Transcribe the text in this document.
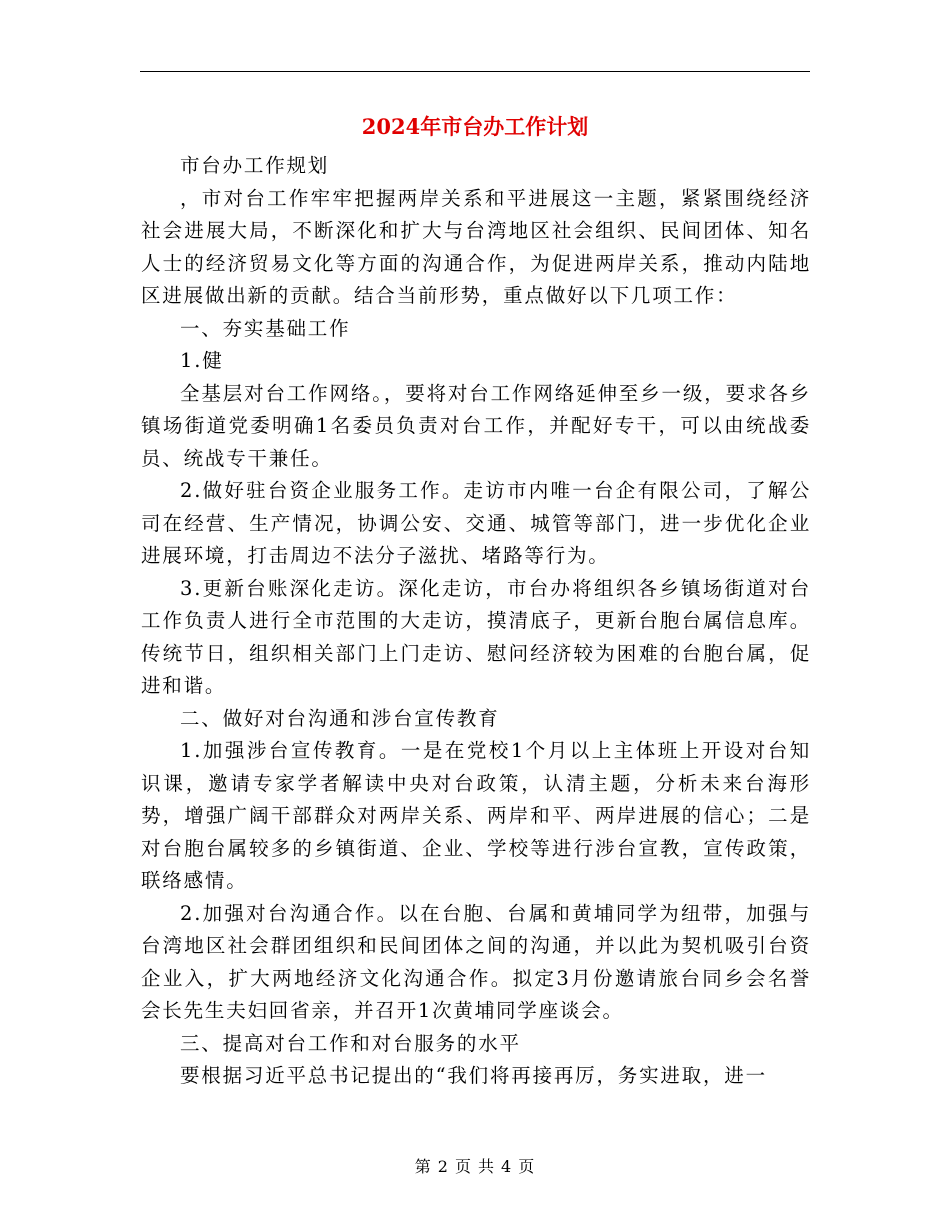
2024年市台办工作计划

市台办工作规划

，市对台工作牢牢把握两岸关系和平进展这一主题，紧紧围绕经济社会进展大局，不断深化和扩大与台湾地区社会组织、民间团体、知名人士的经济贸易文化等方面的沟通合作，为促进两岸关系，推动内陆地区进展做出新的贡献。结合当前形势，重点做好以下几项工作：

一、夯实基础工作

1.健

全基层对台工作网络。，要将对台工作网络延伸至乡一级，要求各乡镇场街道党委明确1名委员负责对台工作，并配好专干，可以由统战委员、统战专干兼任。

2.做好驻台资企业服务工作。走访市内唯一台企有限公司，了解公司在经营、生产情况，协调公安、交通、城管等部门，进一步优化企业进展环境，打击周边不法分子滋扰、堵路等行为。

3.更新台账深化走访。深化走访，市台办将组织各乡镇场街道对台工作负责人进行全市范围的大走访，摸清底子，更新台胞台属信息库。传统节日，组织相关部门上门走访、慰问经济较为困难的台胞台属，促进和谐。

二、做好对台沟通和涉台宣传教育

1.加强涉台宣传教育。一是在党校1个月以上主体班上开设对台知识课，邀请专家学者解读中央对台政策，认清主题，分析未来台海形势，增强广阔干部群众对两岸关系、两岸和平、两岸进展的信心；二是对台胞台属较多的乡镇街道、企业、学校等进行涉台宣教，宣传政策，联络感情。

2.加强对台沟通合作。以在台胞、台属和黄埔同学为纽带，加强与台湾地区社会群团组织和民间团体之间的沟通，并以此为契机吸引台资企业入，扩大两地经济文化沟通合作。拟定3月份邀请旅台同乡会名誉会长先生夫妇回省亲，并召开1次黄埔同学座谈会。

三、提高对台工作和对台服务的水平

要根据习近平总书记提出的“我们将再接再厉，务实进取，进一

第 2 页 共 4 页
